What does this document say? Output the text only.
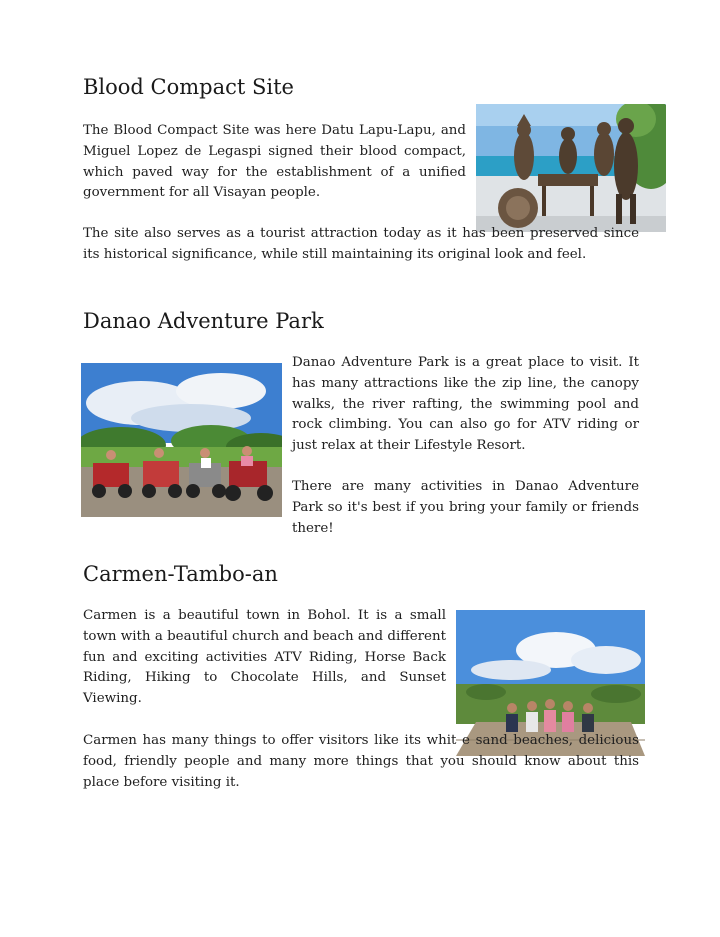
Blood Compact Site

The Blood Compact Site was here Datu Lapu-Lapu, and Miguel Lopez de Legaspi signed their blood compact, which paved way for the establishment of a unified government for all Visayan people.

The site also serves as a tourist attraction today as it has been preserved since its historical significance, while still maintaining its original look and feel.

Danao Adventure Park

Danao Adventure Park is a great place to visit. It has many attractions like the zip line, the canopy walks, the river rafting, the swimming pool and rock climbing. You can also go for ATV riding or just relax at their Lifestyle Resort.

There are many activities in Danao Adventure Park so it's best if you bring your family or friends there!

Carmen-Tambo-an

Carmen is a beautiful town in Bohol. It is a small town with a beautiful church and beach and different fun and exciting activities ATV Riding, Horse Back Riding, Hiking to Chocolate Hills, and Sunset Viewing.

Carmen has many things to offer visitors like its whit e sand beaches, delicious food, friendly people and many more things that you should know about this place before visiting it.
